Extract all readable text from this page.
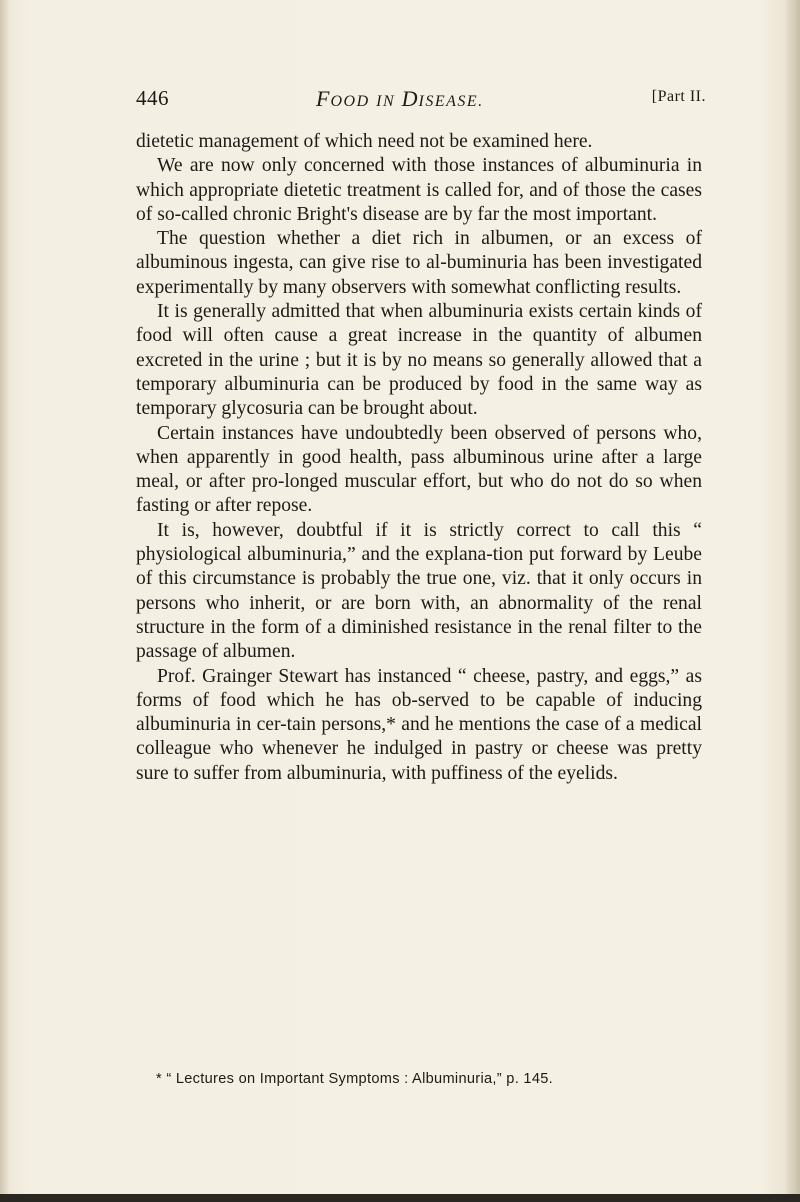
446	FOOD IN DISEASE.	[Part II.

dietetic management of which need not be examined here.

We are now only concerned with those instances of albuminuria in which appropriate dietetic treatment is called for, and of those the cases of so-called chronic Bright's disease are by far the most important.

The question whether a diet rich in albumen, or an excess of albuminous ingesta, can give rise to al-buminuria has been investigated experimentally by many observers with somewhat conflicting results.

It is generally admitted that when albuminuria exists certain kinds of food will often cause a great increase in the quantity of albumen excreted in the urine ; but it is by no means so generally allowed that a temporary albuminuria can be produced by food in the same way as temporary glycosuria can be brought about.

Certain instances have undoubtedly been observed of persons who, when apparently in good health, pass albuminous urine after a large meal, or after pro-longed muscular effort, but who do not do so when fasting or after repose.

It is, however, doubtful if it is strictly correct to call this “ physiological albuminuria,” and the explana-tion put forward by Leube of this circumstance is probably the true one, viz. that it only occurs in persons who inherit, or are born with, an abnormality of the renal structure in the form of a diminished resistance in the renal filter to the passage of albumen.

Prof. Grainger Stewart has instanced “ cheese, pastry, and eggs,” as forms of food which he has ob-served to be capable of inducing albuminuria in cer-tain persons,* and he mentions the case of a medical colleague who whenever he indulged in pastry or cheese was pretty sure to suffer from albuminuria, with puffiness of the eyelids.

* “ Lectures on Important Symptoms : Albuminuria,” p. 145.
